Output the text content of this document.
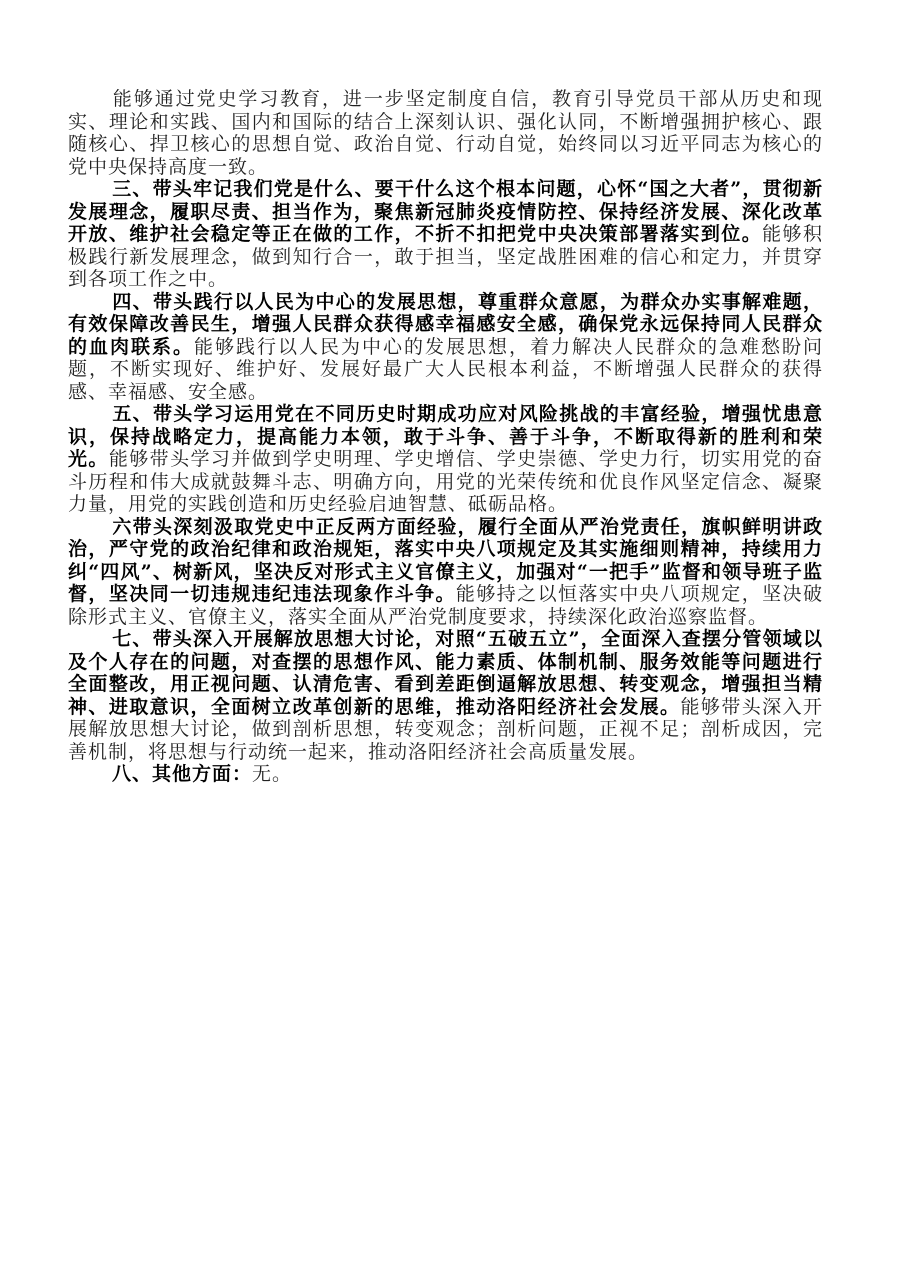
能够通过党史学习教育，进一步坚定制度自信，教育引导党员干部从历史和现实、理论和实践、国内和国际的结合上深刻认识、强化认同，不断增强拥护核心、跟随核心、捍卫核心的思想自觉、政治自觉、行动自觉，始终同以习近平同志为核心的党中央保持高度一致。

三、带头牢记我们党是什么、要干什么这个根本问题，心怀“国之大者”，贯彻新发展理念，履职尽责、担当作为，聚焦新冠肺炎疫情防控、保持经济发展、深化改革开放、维护社会稳定等正在做的工作，不折不扣把党中央决策部署落实到位。能够积极践行新发展理念，做到知行合一，敢于担当，坚定战胜困难的信心和定力，并贯穿到各项工作之中。

四、带头践行以人民为中心的发展思想，尊重群众意愿，为群众办实事解难题，有效保障改善民生，增强人民群众获得感幸福感安全感，确保党永远保持同人民群众的血肉联系。能够践行以人民为中心的发展思想，着力解决人民群众的急难愁盼问题，不断实现好、维护好、发展好最广大人民根本利益，不断增强人民群众的获得感、幸福感、安全感。

五、带头学习运用党在不同历史时期成功应对风险挑战的丰富经验，增强忧患意识，保持战略定力，提高能力本领，敢于斗争、善于斗争，不断取得新的胜利和荣光。能够带头学习并做到学史明理、学史增信、学史崇德、学史力行，切实用党的奋斗历程和伟大成就鼓舞斗志、明确方向，用党的光荣传统和优良作风坚定信念、凝聚力量，用党的实践创造和历史经验启迪智慧、砥砺品格。

六带头深刻汲取党史中正反两方面经验，履行全面从严治党责任，旗帜鲜明讲政治，严守党的政治纪律和政治规矩，落实中央八项规定及其实施细则精神，持续用力纠“四风”、树新风，坚决反对形式主义官僚主义，加强对“一把手”监督和领导班子监督，坚决同一切违规违纪违法现象作斗争。能够持之以恒落实中央八项规定，坚决破除形式主义、官僚主义，落实全面从严治党制度要求，持续深化政治巡察监督。

七、带头深入开展解放思想大讨论，对照“五破五立”，全面深入查摆分管领域以及个人存在的问题，对查摆的思想作风、能力素质、体制机制、服务效能等问题进行全面整改，用正视问题、认清危害、看到差距倒逼解放思想、转变观念，增强担当精神、进取意识，全面树立改革创新的思维，推动洛阳经济社会发展。能够带头深入开展解放思想大讨论，做到剖析思想，转变观念；剖析问题，正视不足；剖析成因，完善机制，将思想与行动统一起来，推动洛阳经济社会高质量发展。

八、其他方面：无。
